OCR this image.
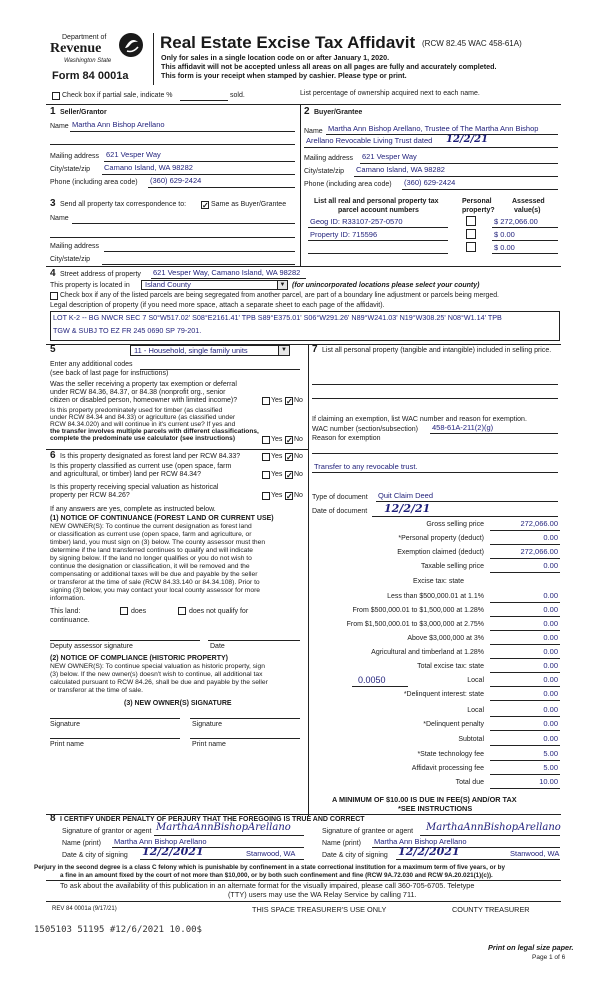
Department of
Revenue
Washington State
Form 84 0001a
Real Estate Excise Tax Affidavit (RCW 82.45 WAC 458-61A)
Only for sales in a single location code on or after January 1, 2020.
This affidavit will not be accepted unless all areas on all pages are fully and accurately completed.
This form is your receipt when stamped by cashier. Please type or print.
Check box if partial sale, indicate %	sold.	List percentage of ownership acquired next to each name.
1 Seller/Grantor
Name Martha Ann Bishop Arellano
Mailing address 621 Vesper Way
City/state/zip Camano Island, WA 98282
Phone (including area code) (360) 629-2424
2 Buyer/Grantee
Name Martha Ann Bishop Arellano, Trustee of The Martha Ann Bishop
Arellano Revocable Living Trust dated 12/2/21
Mailing address 621 Vesper Way
City/state/zip Camano Island, WA 98282
Phone (including area code) (360) 629-2424
3 Send all property tax correspondence to: ✓ Same as Buyer/Grantee
Name
Mailing address
City/state/zip
List all real and personal property tax
parcel account numbers
Personal
property?
Assessed
value(s)
Geog ID: R33107-257-0570	$ 272,066.00
Property ID: 715596	$ 0.00
$ 0.00
4 Street address of property 621 Vesper Way, Camano Island, WA 98282
This property is located in Island County	▼ (for unincorporated locations please select your county)
Check box if any of the listed parcels are being segregated from another parcel, are part of a boundary line adjustment or parcels being merged.
Legal description of property (if you need more space, attach a separate sheet to each page of the affidavit).
LOT K-2 -- BG NWCR SEC 7 S0°W517.02' S08°E2161.41' TPB S89°E375.01' S06°W291.26' N89°W241.03' N19°W308.25' N08°W1.14' TPB
TGW & SUBJ TO EZ FR 245 0690 SP 79-201.
5	11 - Household, single family units	▼
Enter any additional codes
(see back of last page for instructions)
Was the seller receiving a property tax exemption or deferral
under RCW 84.36, 84.37, or 84.38 (nonprofit org., senior
citizen or disabled person, homeowner with limited income)?	Yes ✓ No
Is this property predominately used for timber (as classified
under RCW 84.34 and 84.33) or agriculture (as classified under
RCW 84.34.020) and will continue in it's current use? If yes and
the transfer involves multiple parcels with different classifications,
complete the predominate use calculator (see instructions)	Yes ✓ No
6 Is this property designated as forest land per RCW 84.33?	Yes ✓ No
Is this property classified as current use (open space, farm
and agricultural, or timber) land per RCW 84.34?	Yes ✓ No
Is this property receiving special valuation as historical
property per RCW 84.26?	Yes ✓ No
If any answers are yes, complete as instructed below.
(1) NOTICE OF CONTINUANCE (FOREST LAND OR CURRENT USE)
NEW OWNER(S): To continue the current designation as forest land
or classification as current use (open space, farm and agriculture, or
timber) land, you must sign on (3) below. The county assessor must then
determine if the land transferred continues to qualify and will indicate
by signing below. If the land no longer qualifies or you do not wish to
continue the designation or classification, it will be removed and the
compensating or additional taxes will be due and payable by the seller
or transferor at the time of sale (RCW 84.33.140 or 84.34.108). Prior to
signing (3) below, you may contact your local county assessor for more
information.
This land:	does	does not qualify for
continuance.
Deputy assessor signature	Date
(2) NOTICE OF COMPLIANCE (HISTORIC PROPERTY)
NEW OWNER(S): To continue special valuation as historic property, sign
(3) below. If the new owner(s) doesn't wish to continue, all additional tax
calculated pursuant to RCW 84.26, shall be due and payable by the seller
or transferor at the time of sale.
(3) NEW OWNER(S) SIGNATURE
Signature	Signature
Print name	Print name
7 List all personal property (tangible and intangible) included in selling price.
If claiming an exemption, list WAC number and reason for exemption.
WAC number (section/subsection) 458-61A-211(2)(g)
Reason for exemption
Transfer to any revocable trust.
Type of document Quit Claim Deed
Date of document 12/2/21
Gross selling price	272,066.00
*Personal property (deduct)	0.00
Exemption claimed (deduct)	272,066.00
Taxable selling price	0.00
Excise tax: state
Less than $500,000.01 at 1.1%	0.00
From $500,000.01 to $1,500,000 at 1.28%	0.00
From $1,500,000.01 to $3,000,000 at 2.75%	0.00
Above $3,000,000 at 3%	0.00
Agricultural and timberland at 1.28%	0.00
Total excise tax: state	0.00
0.0050	Local	0.00
*Delinquent interest: state	0.00
Local	0.00
*Delinquent penalty	0.00
Subtotal	0.00
*State technology fee	5.00
Affidavit processing fee	5.00
Total due	10.00
A MINIMUM OF $10.00 IS DUE IN FEE(S) AND/OR TAX
*SEE INSTRUCTIONS
8 I CERTIFY UNDER PENALTY OF PERJURY THAT THE FOREGOING IS TRUE AND CORRECT
Signature of grantor or agent MarthaAnnBishopArellano
Name (print) Martha Ann Bishop Arellano
Date & city of signing 12/2/2021	Stanwood, WA
Signature of grantee or agent MarthaAnnBishopArellano
Name (print) Martha Ann Bishop Arellano
Date & city of signing 12/2/2021	Stanwood, WA
Perjury in the second degree is a class C felony which is punishable by confinement in a state correctional institution for a maximum term of five years, or by
a fine in an amount fixed by the court of not more than $10,000, or by both such confinement and fine (RCW 9A.72.030 and RCW 9A.20.021(1)(c)).
To ask about the availability of this publication in an alternate format for the visually impaired, please call 360-705-6705. Teletype
(TTY) users may use the WA Relay Service by calling 711.
REV 84 0001a (9/17/21)	THIS SPACE TREASURER'S USE ONLY	COUNTY TREASURER
1505103 51195 #12/6/2021 10.00$
Print on legal size paper.
Page 1 of 6
